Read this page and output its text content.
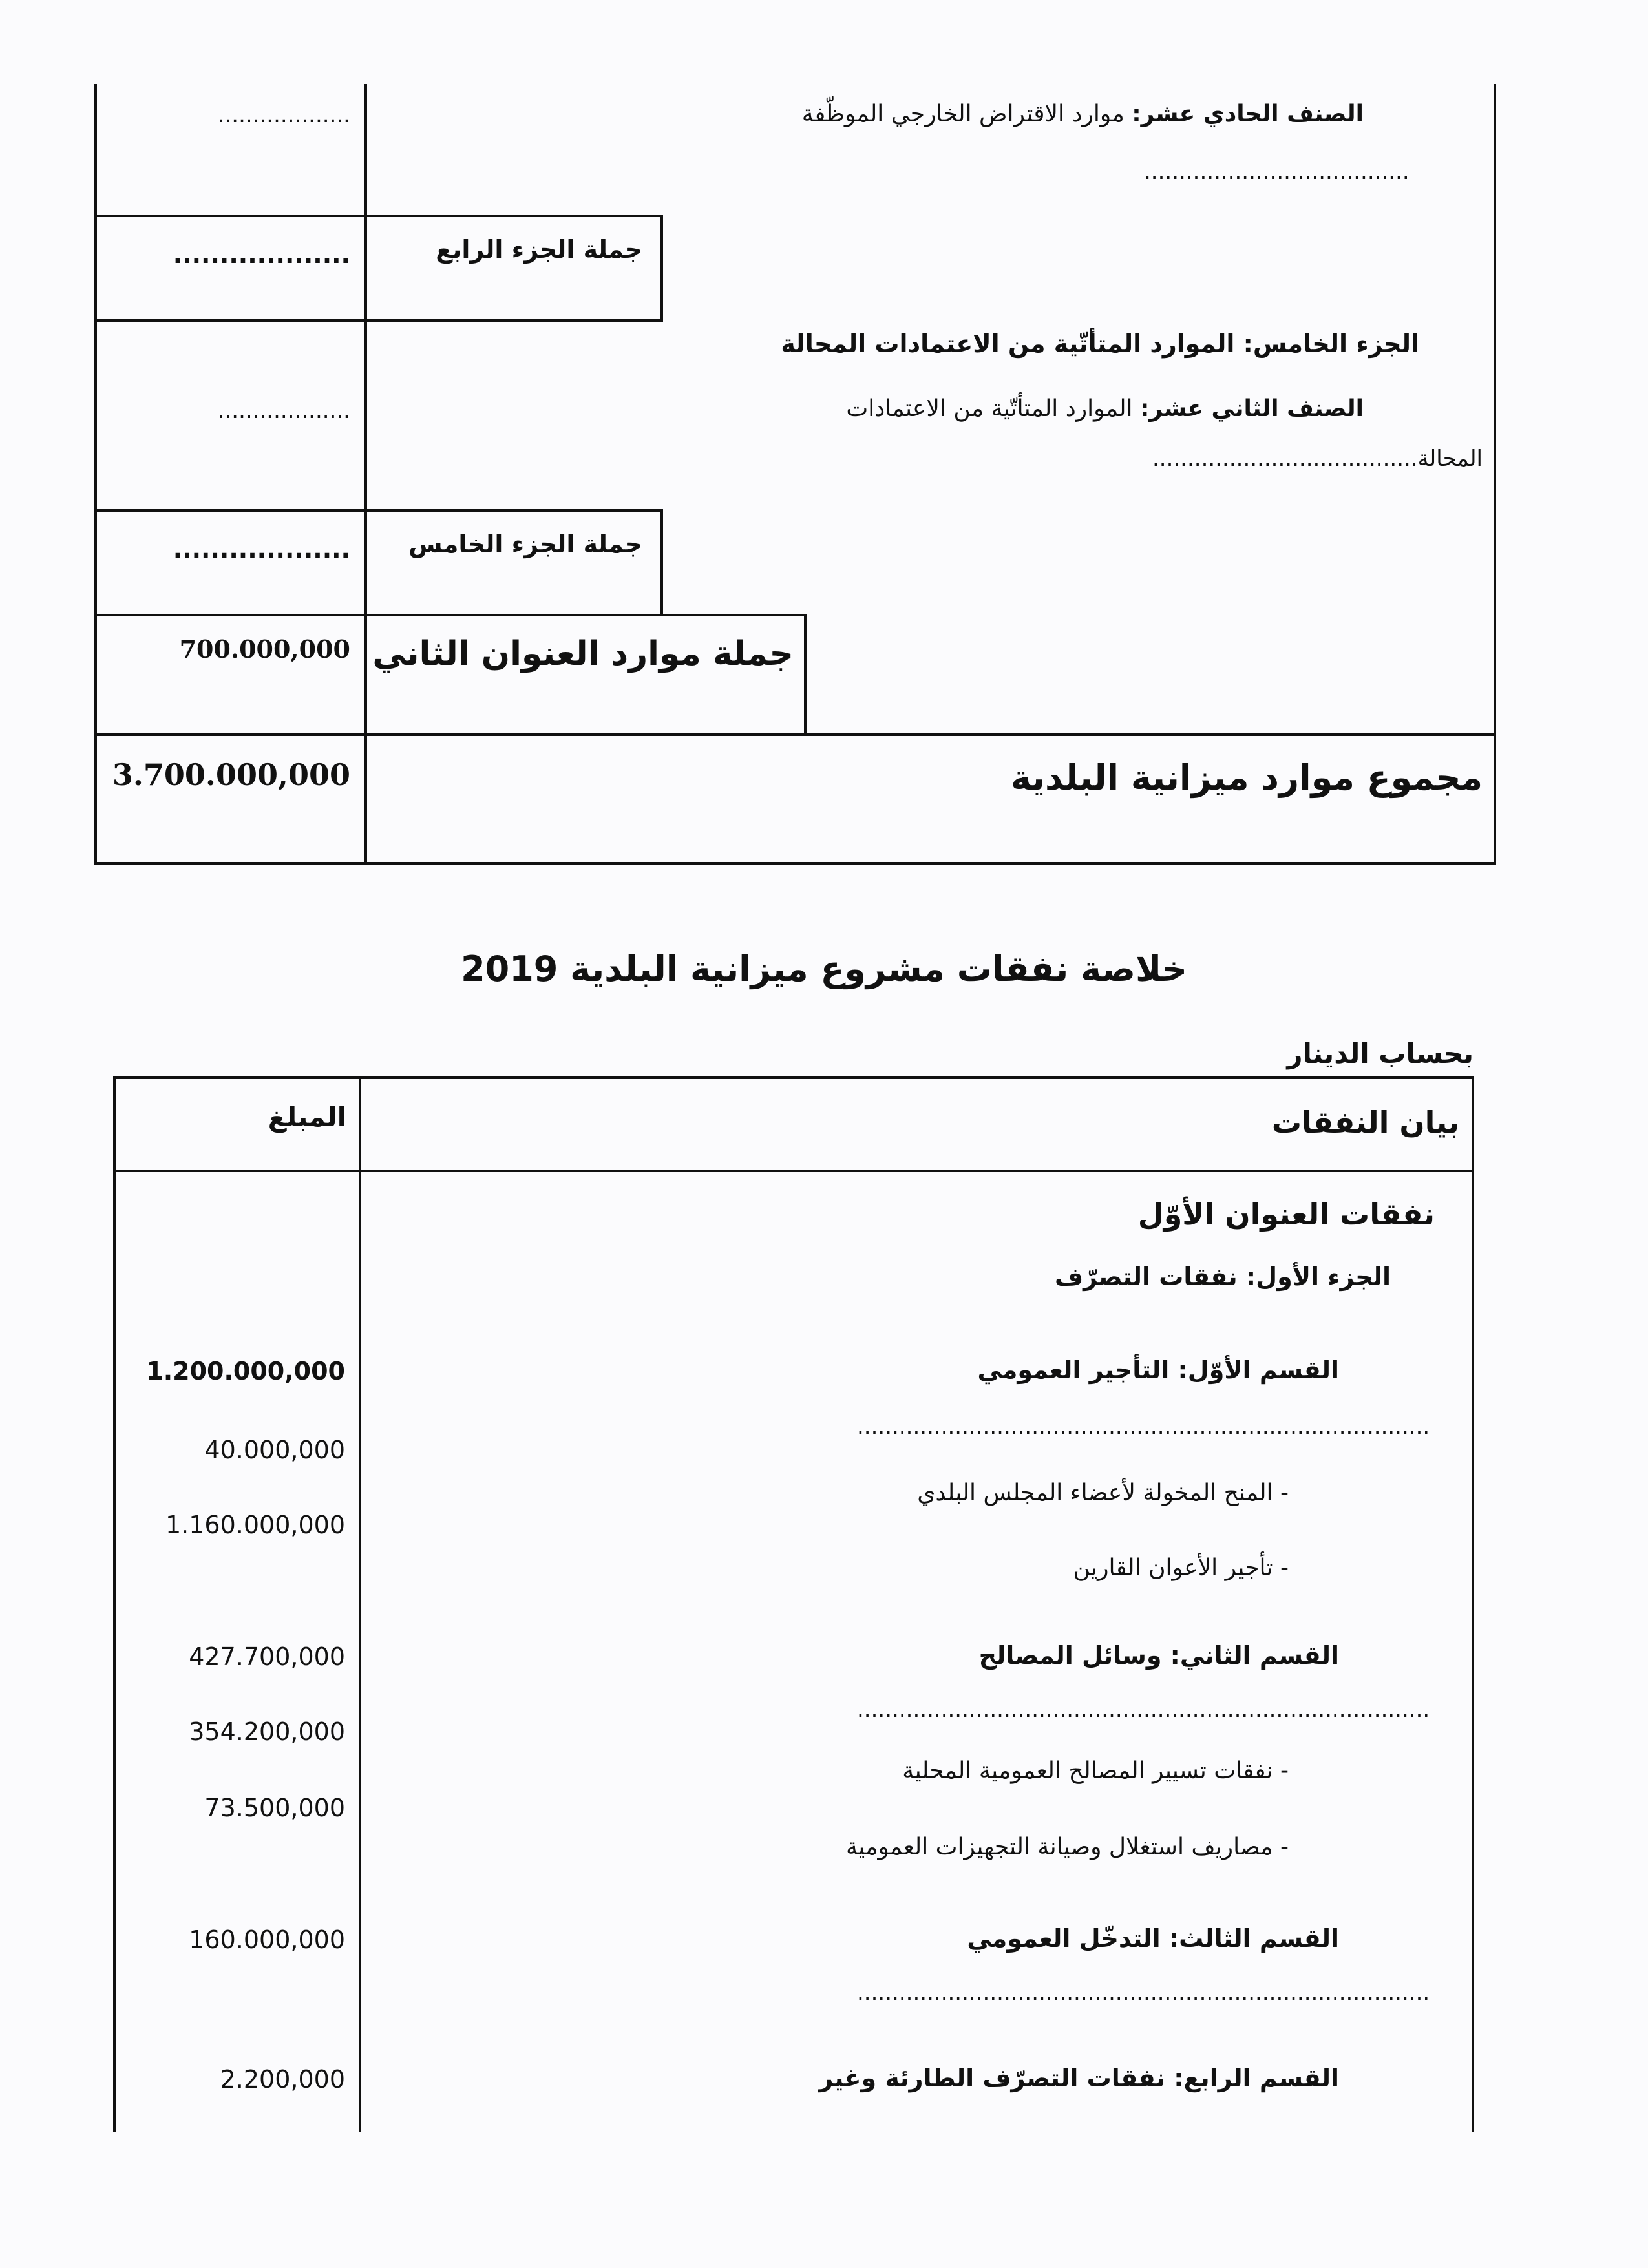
الصنف الحادي عشر: موارد الاقتراض الخارجي الموظّفة
......................................
...................
جملة الجزء الرابع
...................
الجزء الخامس: الموارد المتأتّية من الاعتمادات المحالة
الصنف الثاني عشر: الموارد المتأتّية من الاعتمادات
المحالة......................................
...................
جملة الجزء الخامس
...................
جملة موارد العنوان الثاني
700.000,000
مجموع موارد ميزانية البلدية
3.700.000,000
خلاصة نفقات مشروع ميزانية البلدية 2019
بحساب الدينار
بيان النفقات
المبلغ
نفقات العنوان الأوّل
الجزء الأول: نفقات التصرّف
القسم الأوّل: التأجير العمومي
1.200.000,000
..................................................................................
- المنح المخولة لأعضاء المجلس البلدي
40.000,000
- تأجير الأعوان القارين
1.160.000,000
القسم الثاني: وسائل المصالح
427.700,000
..................................................................................
- نفقات تسيير المصالح العمومية المحلية
354.200,000
- مصاريف استغلال وصيانة التجهيزات العمومية
73.500,000
القسم الثالث: التدخّل العمومي
160.000,000
..................................................................................
القسم الرابع: نفقات التصرّف الطارئة وغير
2.200,000
